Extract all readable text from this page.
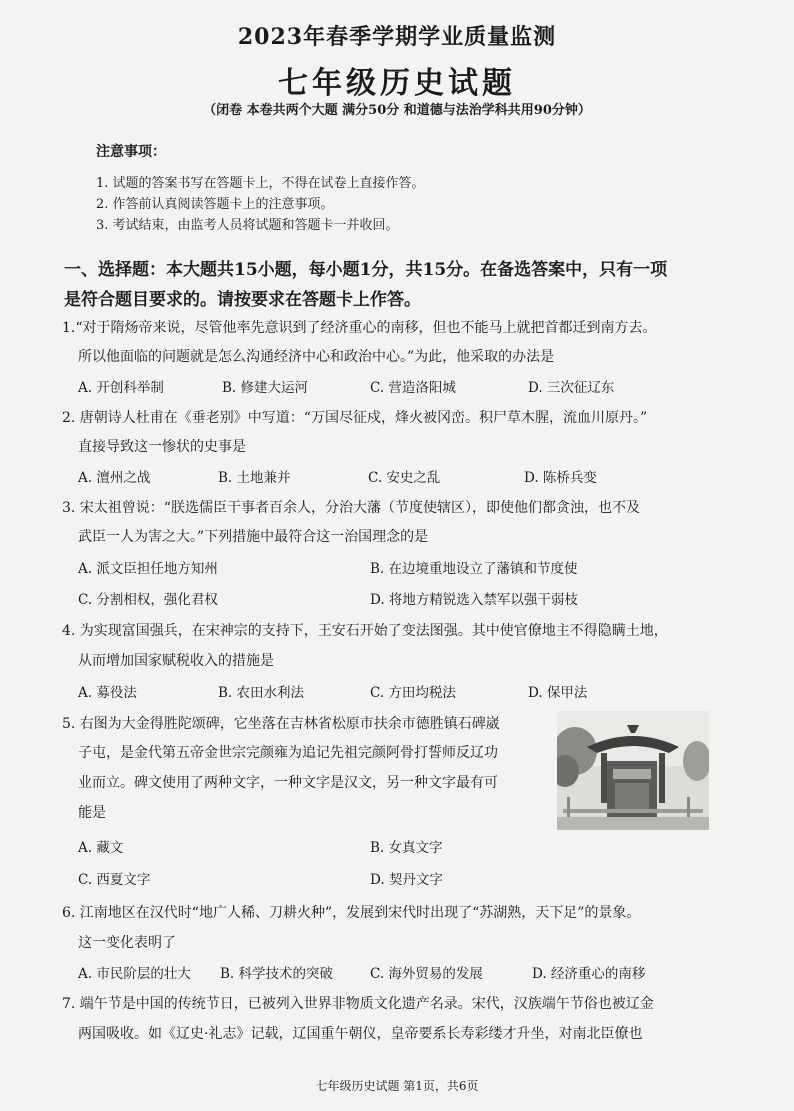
2023年春季学期学业质量监测
七年级历史试题
（闭卷 本卷共两个大题 满分50分 和道德与法治学科共用90分钟）
注意事项：
1. 试题的答案书写在答题卡上，不得在试卷上直接作答。
2. 作答前认真阅读答题卡上的注意事项。
3. 考试结束，由监考人员将试题和答题卡一并收回。
一、选择题：本大题共15小题，每小题1分，共15分。在备选答案中，只有一项
是符合题目要求的。请按要求在答题卡上作答。
1.“对于隋炀帝来说，尽管他率先意识到了经济重心的南移，但也不能马上就把首都迁到南方去。
所以他面临的问题就是怎么沟通经济中心和政治中心。”为此，他采取的办法是
A. 开创科举制	B. 修建大运河	C. 营造洛阳城	D. 三次征辽东
2. 唐朝诗人杜甫在《垂老别》中写道：“万国尽征戍，烽火被冈峦。积尸草木腥，流血川原丹。”
直接导致这一惨状的史事是
A. 澶州之战	B. 土地兼并	C. 安史之乱	D. 陈桥兵变
3. 宋太祖曾说：“朕选儒臣干事者百余人，分治大藩（节度使辖区），即使他们都贪浊，也不及
武臣一人为害之大。”下列措施中最符合这一治国理念的是
A. 派文臣担任地方知州	B. 在边境重地设立了藩镇和节度使
C. 分割相权，强化君权	D. 将地方精锐选入禁军以强干弱枝
4. 为实现富国强兵，在宋神宗的支持下，王安石开始了变法图强。其中使官僚地主不得隐瞒土地，
从而增加国家赋税收入的措施是
A. 募役法	B. 农田水利法	C. 方田均税法	D. 保甲法
5. 右图为大金得胜陀颂碑，它坐落在吉林省松原市扶余市德胜镇石碑崴
子屯，是金代第五帝金世宗完颜雍为追记先祖完颜阿骨打誓师反辽功
业而立。碑文使用了两种文字，一种文字是汉文，另一种文字最有可
能是
A. 藏文	B. 女真文字
C. 西夏文字	D. 契丹文字
6. 江南地区在汉代时“地广人稀、刀耕火种”，发展到宋代时出现了“苏湖熟，天下足”的景象。
这一变化表明了
A. 市民阶层的壮大 B. 科学技术的突破	C. 海外贸易的发展	D. 经济重心的南移
7. 端午节是中国的传统节日，已被列入世界非物质文化遗产名录。宋代，汉族端午节俗也被辽金
两国吸收。如《辽史·礼志》记载，辽国重午朝仪，皇帝要系长寿彩缕才升坐，对南北臣僚也
七年级历史试题 第1页，共6页
